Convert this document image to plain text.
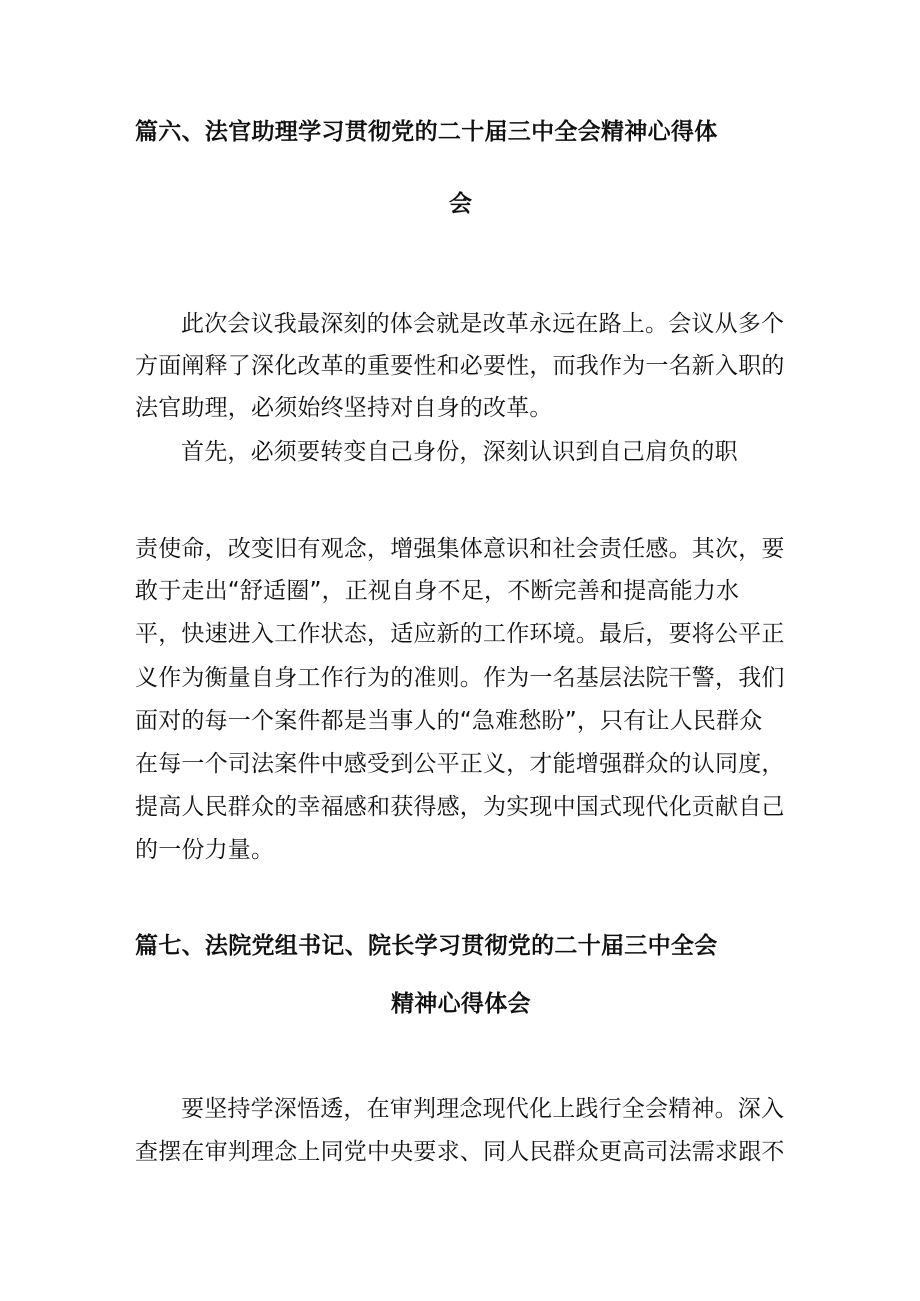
篇六、法官助理学习贯彻党的二十届三中全会精神心得体
会
此次会议我最深刻的体会就是改革永远在路上。会议从多个
方面阐释了深化改革的重要性和必要性，而我作为一名新入职的
法官助理，必须始终坚持对自身的改革。
首先，必须要转变自己身份，深刻认识到自己肩负的职
责使命，改变旧有观念，增强集体意识和社会责任感。其次，要
敢于走出“舒适圈”，正视自身不足，不断完善和提高能力水
平，快速进入工作状态，适应新的工作环境。最后，要将公平正
义作为衡量自身工作行为的准则。作为一名基层法院干警，我们
面对的每一个案件都是当事人的“急难愁盼”，只有让人民群众
在每一个司法案件中感受到公平正义，才能增强群众的认同度，
提高人民群众的幸福感和获得感，为实现中国式现代化贡献自己
的一份力量。
篇七、法院党组书记、院长学习贯彻党的二十届三中全会
精神心得体会
要坚持学深悟透，在审判理念现代化上践行全会精神。深入
查摆在审判理念上同党中央要求、同人民群众更高司法需求跟不
